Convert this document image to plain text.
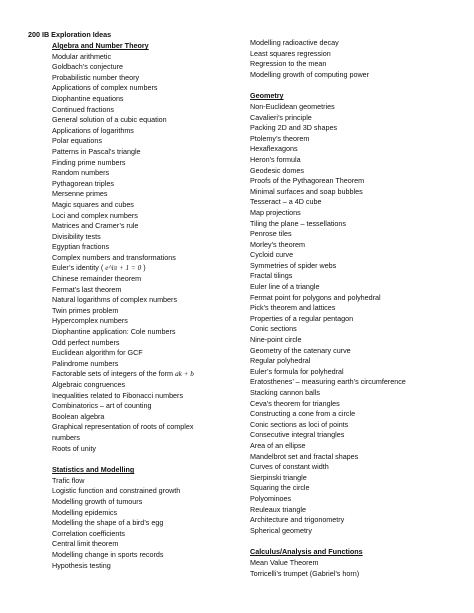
200 IB Exploration Ideas
Algebra and Number Theory
Modular arithmetic
Goldbach’s conjecture
Probabilistic number theory
Applications of complex numbers
Diophantine equations
Continued fractions
General solution of a cubic equation
Applications of logarithms
Polar equations
Patterns in Pascal’s triangle
Finding prime numbers
Random numbers
Pythagorean triples
Mersenne primes
Magic squares and cubes
Loci and complex numbers
Matrices and Cramer’s rule
Divisibility tests
Egyptian fractions
Complex numbers and transformations
Euler’s identity ( e^iπ + 1 = 0 )
Chinese remainder theorem
Fermat’s last theorem
Natural logarithms of complex numbers
Twin primes problem
Hypercomplex numbers
Diophantine application: Cole numbers
Odd perfect numbers
Euclidean algorithm for GCF
Palindrome numbers
Factorable sets of integers of the form ak + b
Algebraic congruences
Inequalities related to Fibonacci numbers
Combinatorics – art of counting
Boolean algebra
Graphical representation of roots of complex numbers
Roots of unity
Statistics and Modelling
Trafic flow
Logistic function and constrained growth
Modelling growth of tumours
Modelling epidemics
Modelling the shape of a bird’s egg
Correlation coefficients
Central limit theorem
Modelling change in sports records
Hypothesis testing
Modelling radioactive decay
Least squares regression
Regression to the mean
Modelling growth of computing power
Geometry
Non-Euclidean geometries
Cavalieri’s principle
Packing 2D and 3D shapes
Ptolemy’s theorem
Hexaflexagons
Heron’s formula
Geodesic domes
Proofs of the Pythagorean Theorem
Minimal surfaces and soap bubbles
Tesseract – a 4D cube
Map projections
Tiling the plane – tessellations
Penrose tiles
Morley’s theorem
Cycloid curve
Symmetries of spider webs
Fractal tilings
Euler line of a triangle
Fermat point for polygons and polyhedral
Pick’s theorem and lattices
Properties of a regular pentagon
Conic sections
Nine-point circle
Geometry of the catenary curve
Regular polyhedral
Euler’s formula for polyhedral
Eratosthenes’ – measuring earth’s circumference
Stacking cannon balls
Ceva’s theorem for triangles
Constructing a cone from a circle
Conic sections as loci of points
Consecutive integral triangles
Area of an ellipse
Mandelbrot set and fractal shapes
Curves of constant width
Sierpinski triangle
Squaring the circle
Polyominoes
Reuleaux triangle
Architecture and trigonometry
Spherical geometry
Calculus/Analysis and Functions
Mean Value Theorem
Torricelli’s trumpet (Gabriel’s horn)
